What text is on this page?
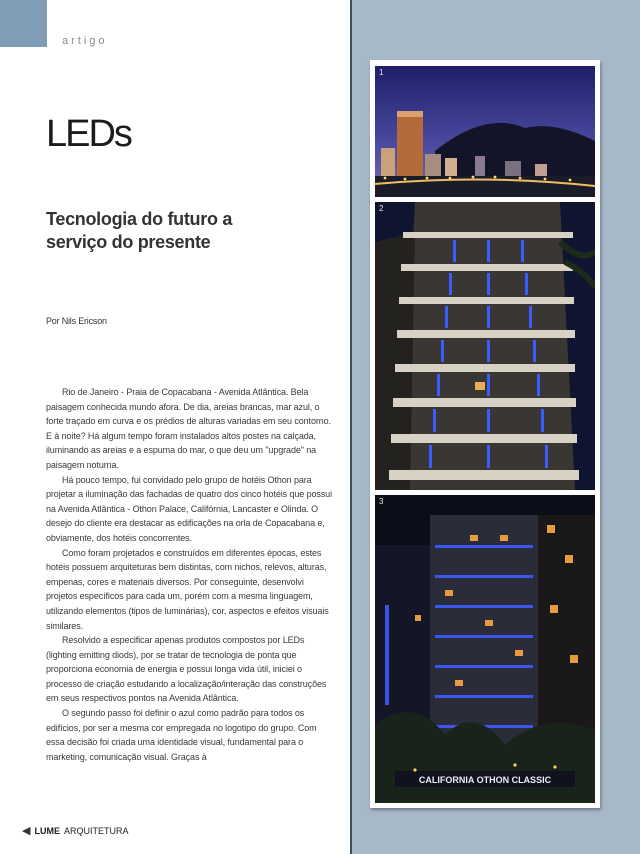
artigo
LEDs
Tecnologia do futuro a
serviço do presente
Por Nils Ericson

Rio de Janeiro - Praia de Copacabana - Avenida Atlântica. Bela paisagem conhecida mundo afora. De dia, areias brancas, mar azul, o forte traçado em curva e os prédios de alturas variadas em seu contorno. E à noite? Há algum tempo foram instalados altos postes na calçada, iluminando as areias e a espuma do mar, o que deu um "upgrade" na paisagem noturna.

Há pouco tempo, fui convidado pelo grupo de hotéis Othon para projetar a iluminação das fachadas de quatro dos cinco hotéis que possui na Avenida Atlântica - Othon Palace, Califórnia, Lancaster e Olinda. O desejo do cliente era destacar as edificações na orla de Copacabana e, obviamente, dos hotéis concorrentes.

Como foram projetados e construídos em diferentes épocas, estes hotéis possuem arquiteturas bem distintas, com nichos, relevos, alturas, empenas, cores e materiais diversos. Por conseguinte, desenvolvi projetos específicos para cada um, porém com a mesma linguagem, utilizando elementos (tipos de luminárias), cor, aspectos e efeitos visuais similares.

Resolvido a especificar apenas produtos compostos por LEDs (lighting emitting diods), por se tratar de tecnologia de ponta que proporciona economia de energia e possui longa vida útil, iniciei o processo de criação estudando a localização/interação das construções em seus respectivos pontos na Avenida Atlântica.

O segundo passo foi definir o azul como padrão para todos os edifícios, por ser a mesma cor empregada no logotipo do grupo. Com essa decisão foi criada uma identidade visual, fundamental para o marketing, comunicação visual. Graças à

◀ LUME ARQUITETURA
1
2
3
CALIFORNIA OTHON CLASSIC
